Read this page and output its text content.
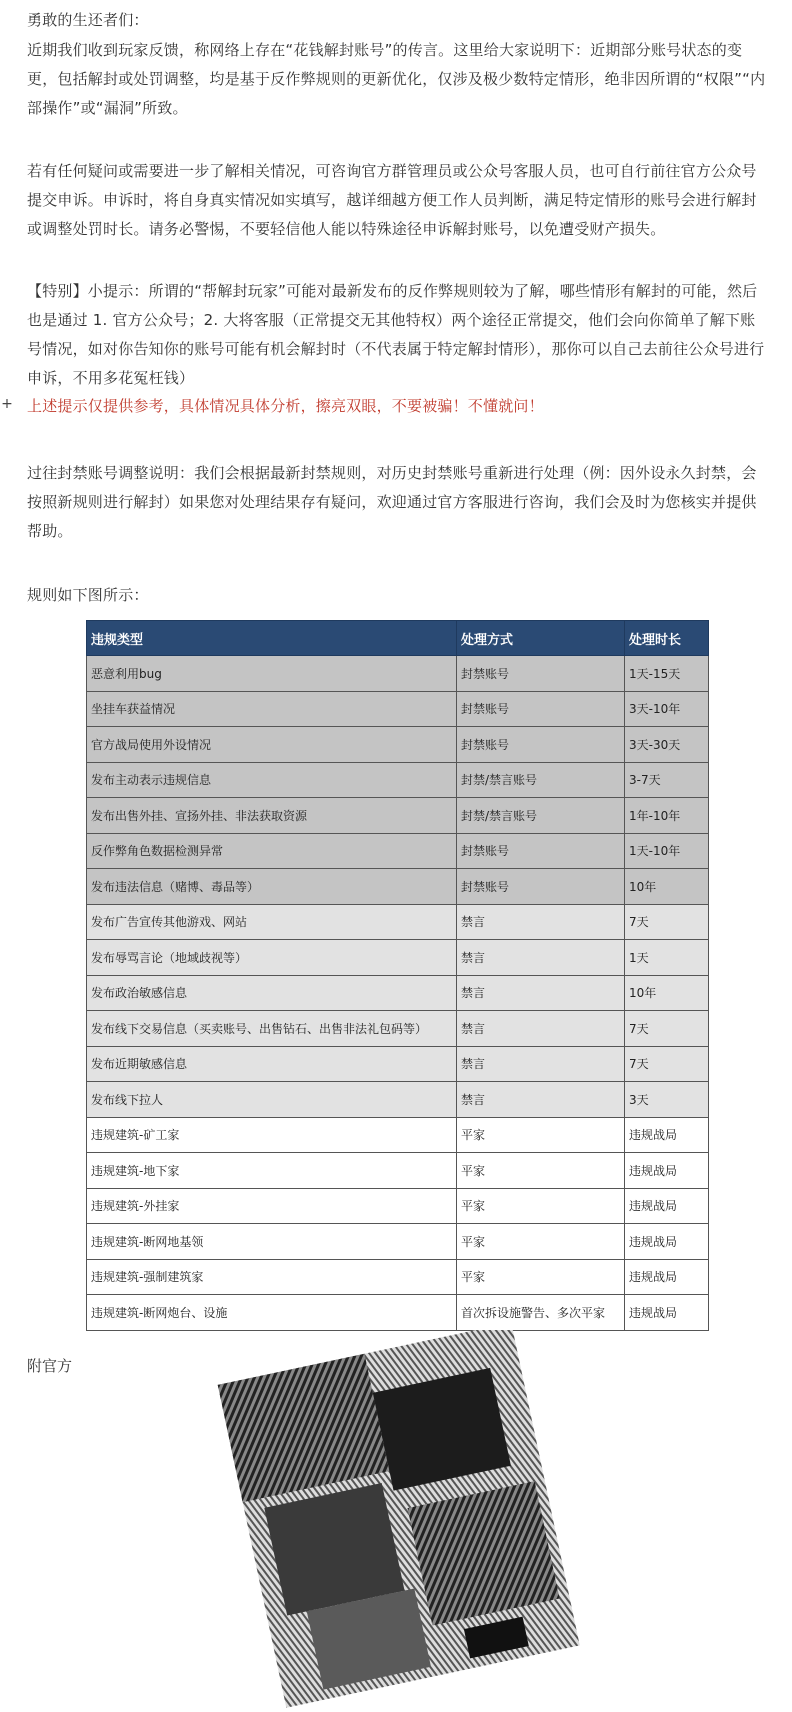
勇敢的生还者们：

近期我们收到玩家反馈，称网络上存在“花钱解封账号”的传言。这里给大家说明下：近期部分账号状态的变更，包括解封或处罚调整，均是基于反作弊规则的更新优化，仅涉及极少数特定情形，绝非因所谓的“权限”“内部操作”或“漏洞”所致。

若有任何疑问或需要进一步了解相关情况，可咨询官方群管理员或公众号客服人员，也可自行前往官方公众号提交申诉。申诉时，将自身真实情况如实填写，越详细越方便工作人员判断，满足特定情形的账号会进行解封或调整处罚时长。请务必警惕，不要轻信他人能以特殊途径申诉解封账号，以免遭受财产损失。

【特别】小提示：所谓的“帮解封玩家”可能对最新发布的反作弊规则较为了解，哪些情形有解封的可能，然后也是通过 1. 官方公众号；2. 大将客服（正常提交无其他特权）两个途径正常提交，他们会向你简单了解下账号情况，如对你告知你的账号可能有机会解封时（不代表属于特定解封情形），那你可以自己去前往公众号进行申诉，不用多花冤枉钱）

上述提示仅提供参考，具体情况具体分析，擦亮双眼，不要被骗！不懂就问！

+

过往封禁账号调整说明：我们会根据最新封禁规则，对历史封禁账号重新进行处理（例：因外设永久封禁，会按照新规则进行解封）如果您对处理结果存有疑问，欢迎通过官方客服进行咨询，我们会及时为您核实并提供帮助。

规则如下图所示：

违规类型	处理方式	处理时长
恶意利用bug	封禁账号	1天-15天
坐挂车获益情况	封禁账号	3天-10年
官方战局使用外设情况	封禁账号	3天-30天
发布主动表示违规信息	封禁/禁言账号	3-7天
发布出售外挂、宣扬外挂、非法获取资源	封禁/禁言账号	1年-10年
反作弊角色数据检测异常	封禁账号	1天-10年
发布违法信息（赌博、毒品等）	封禁账号	10年
发布广告宣传其他游戏、网站	禁言	7天
发布辱骂言论（地域歧视等）	禁言	1天
发布政治敏感信息	禁言	10年
发布线下交易信息（买卖账号、出售钻石、出售非法礼包码等）	禁言	7天
发布近期敏感信息	禁言	7天
发布线下拉人	禁言	3天
违规建筑-矿工家	平家	违规战局
违规建筑-地下家	平家	违规战局
违规建筑-外挂家	平家	违规战局
违规建筑-断网地基领	平家	违规战局
违规建筑-强制建筑家	平家	违规战局
违规建筑-断网炮台、设施	首次拆设施警告、多次平家	违规战局

附官方
